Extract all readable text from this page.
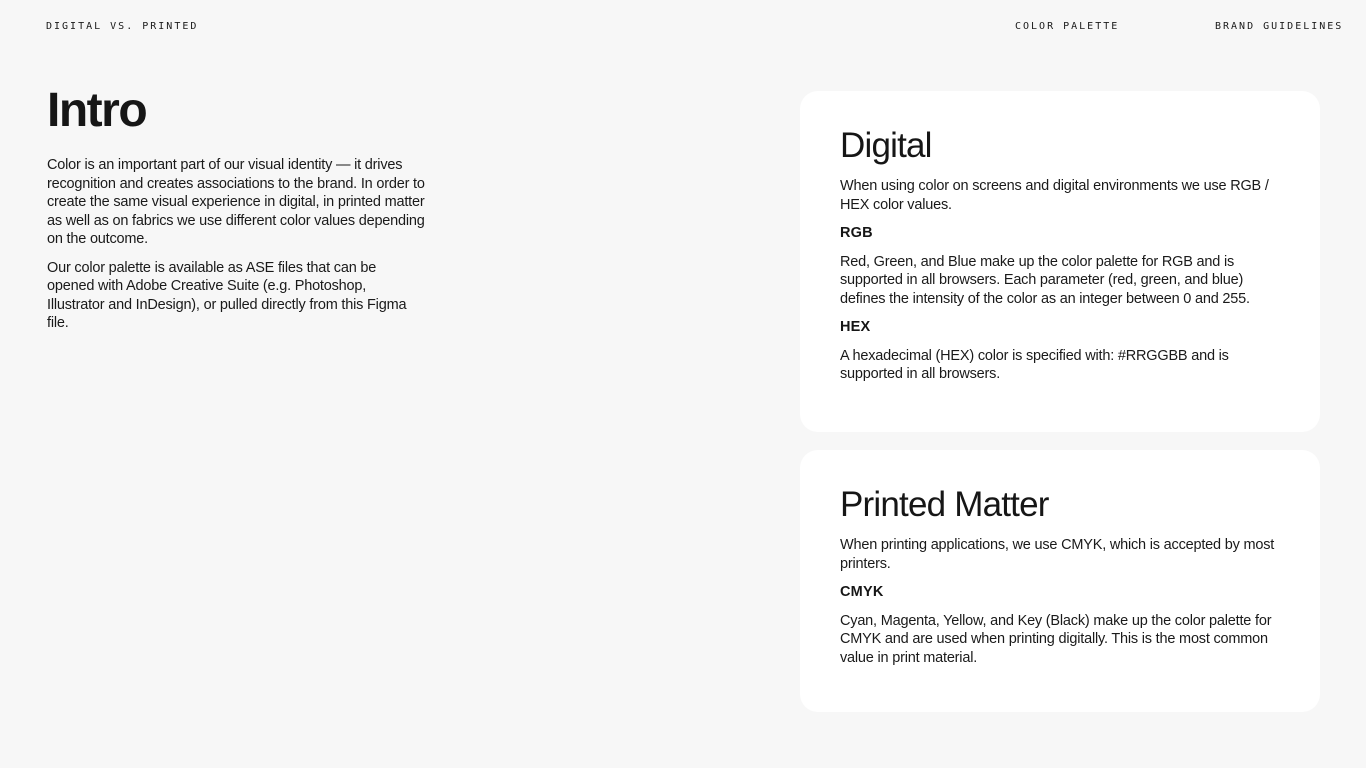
DIGITAL VS. PRINTED	COLOR PALETTE	BRAND GUIDELINES
Intro

Color is an important part of our visual identity — it drives recognition and creates associations to the brand. In order to create the same visual experience in digital, in printed matter as well as on fabrics we use different color values depending on the outcome.

Our color palette is available as ASE files that can be opened with Adobe Creative Suite (e.g. Photoshop, Illustrator and InDesign), or pulled directly from this Figma file.

Digital

When using color on screens and digital environments we use RGB / HEX color values.

RGB

Red, Green, and Blue make up the color palette for RGB and is supported in all browsers. Each parameter (red, green, and blue) defines the intensity of the color as an integer between 0 and 255.

HEX

A hexadecimal (HEX) color is specified with: #RRGGBB and is supported in all browsers.

Printed Matter

When printing applications, we use CMYK, which is accepted by most printers.

CMYK

Cyan, Magenta, Yellow, and Key (Black) make up the color palette for CMYK and are used when printing digitally. This is the most common value in print material.
